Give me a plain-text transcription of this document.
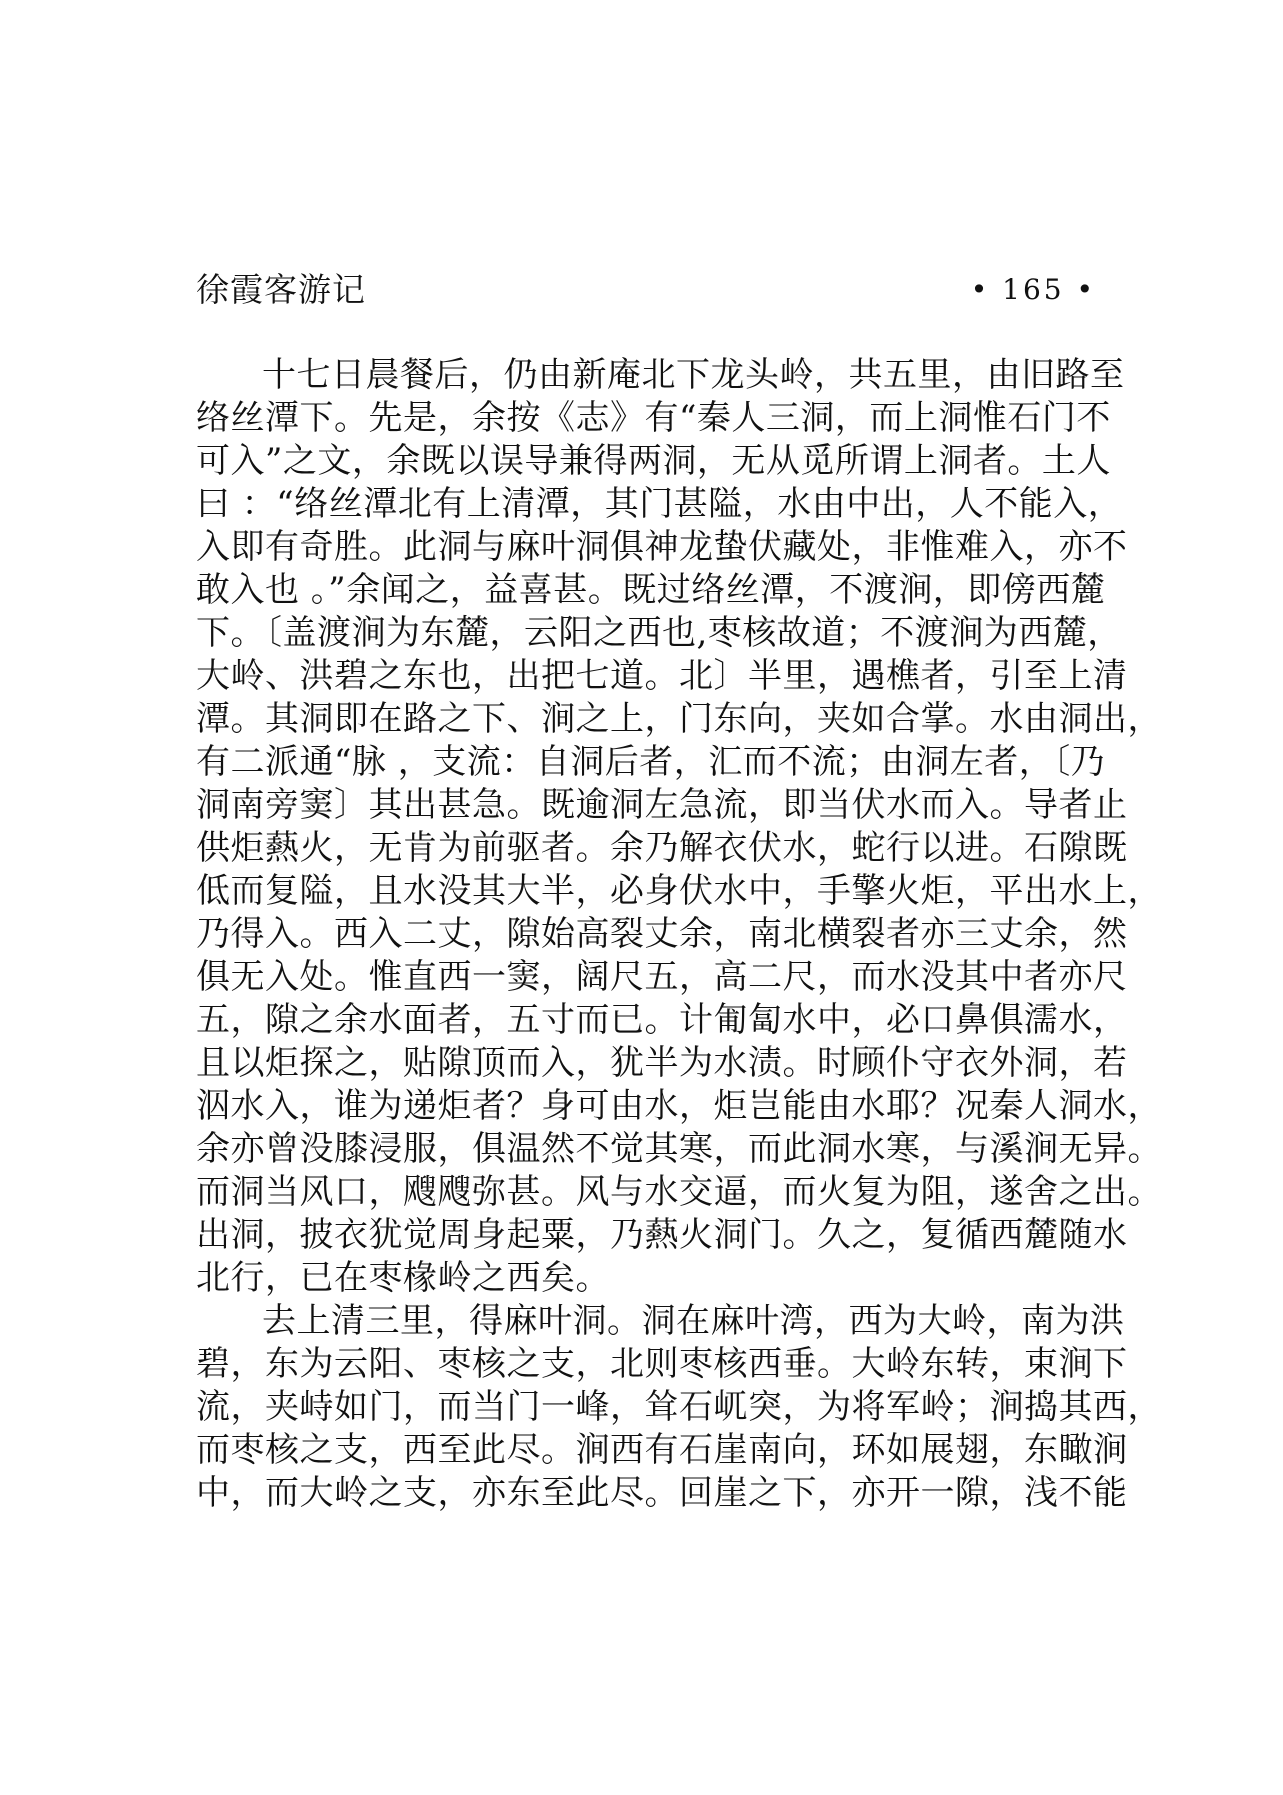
徐霞客游记	• 165 •
十七日晨餐后，仍由新庵北下龙头岭，共五里，由旧路至
络丝潭下。先是，余按《志》有“秦人三洞，而上洞惟石门不
可入”之文，余既以误导兼得两洞，无从觅所谓上洞者。土人
曰 ：“络丝潭北有上清潭，其门甚隘，水由中出，人不能入，
入即有奇胜。此洞与麻叶洞俱神龙蛰伏藏处，非惟难入，亦不
敢入也 。”余闻之，益喜甚。既过络丝潭，不渡涧，即傍西麓
下。〔盖渡涧为东麓，云阳之西也,枣核故道；不渡涧为西麓，
大岭、洪碧之东也，出把七道。北〕半里，遇樵者，引至上清
潭。其洞即在路之下、涧之上，门东向，夹如合掌。水由洞出，
有二派通“脉 ，支流：自洞后者，汇而不流；由洞左者，〔乃
洞南旁窦〕其出甚急。既逾洞左急流，即当伏水而入。导者止
供炬爇火，无肯为前驱者。余乃解衣伏水，蛇行以进。石隙既
低而复隘，且水没其大半，必身伏水中，手擎火炬，平出水上，
乃得入。西入二丈，隙始高裂丈余，南北横裂者亦三丈余，然
俱无入处。惟直西一窦，阔尺五，高二尺，而水没其中者亦尺
五，隙之余水面者，五寸而已。计匍匐水中，必口鼻俱濡水，
且以炬探之，贴隙顶而入，犹半为水渍。时顾仆守衣外洞，若
泅水入，谁为递炬者？身可由水，炬岂能由水耶？况秦人洞水，
余亦曾没膝浸服，俱温然不觉其寒，而此洞水寒，与溪涧无异。
而洞当风口，飕飕弥甚。风与水交逼，而火复为阻，遂舍之出。
出洞，披衣犹觉周身起粟，乃爇火洞门。久之，复循西麓随水
北行，已在枣椽岭之西矣。
去上清三里，得麻叶洞。洞在麻叶湾，西为大岭，南为洪
碧，东为云阳、枣核之支，北则枣核西垂。大岭东转，束涧下
流，夹峙如门，而当门一峰，耸石屼突，为将军岭；涧捣其西，
而枣核之支，西至此尽。涧西有石崖南向，环如展翅，东瞰涧
中，而大岭之支，亦东至此尽。回崖之下，亦开一隙，浅不能
